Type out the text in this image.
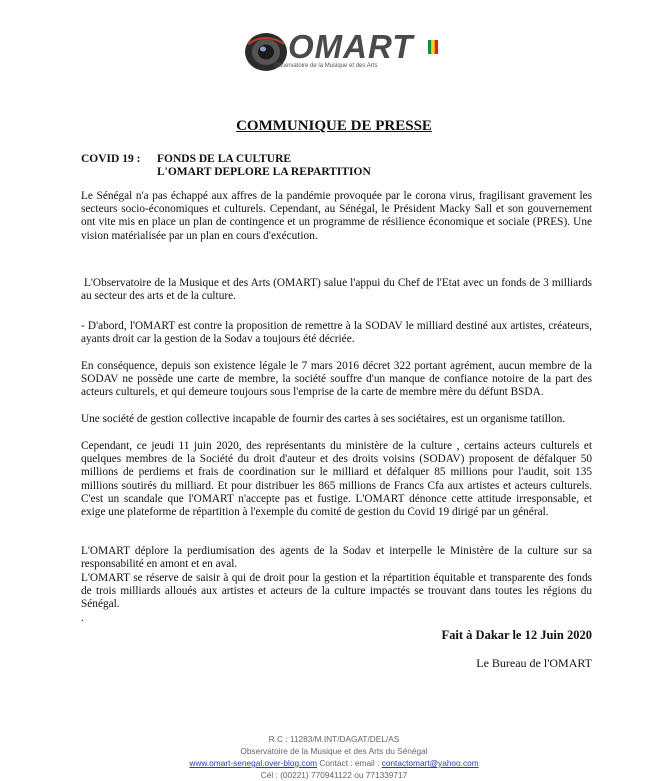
OMART
Observatoire de la Musique et des Arts
COMMUNIQUE DE PRESSE
COVID 19 : FONDS DE LA CULTURE
L'OMART DEPLORE LA REPARTITION

Le Sénégal n'a pas échappé aux affres de la pandémie provoquée par le corona virus, fragilisant gravement les secteurs socio-économiques et culturels. Cependant, au Sénégal, le Président Macky Sall et son gouvernement ont vite mis en place un plan de contingence et un programme de résilience économique et sociale (PRES). Une vision matérialisée par un plan en cours d'exécution.

L'Observatoire de la Musique et des Arts (OMART) salue l'appui du Chef de l'Etat avec un fonds de 3 milliards au secteur des arts et de la culture.

- D'abord, l'OMART est contre la proposition de remettre à la SODAV le milliard destiné aux artistes, créateurs, ayants droit car la gestion de la Sodav a toujours été décriée.

En conséquence, depuis son existence légale le 7 mars 2016 décret 322 portant agrément, aucun membre de la SODAV ne possède une carte de membre, la société souffre d'un manque de confiance notoire de la part des acteurs culturels, et qui demeure toujours sous l'emprise de la carte de membre mère du défunt BSDA.

Une société de gestion collective incapable de fournir des cartes à ses sociétaires, est un organisme tatillon.

Cependant, ce jeudi 11 juin 2020, des représentants du ministère de la culture , certains acteurs culturels et quelques membres de la Société du droit d'auteur et des droits voisins (SODAV) proposent de défalquer 50 millions de perdiems et frais de coordination sur le milliard et défalquer 85 millions pour l'audit, soit 135 millions soutirés du milliard. Et pour distribuer les 865 millions de Francs Cfa aux artistes et acteurs culturels. C'est un scandale que l'OMART n'accepte pas et fustige. L'OMART dénonce cette attitude irresponsable, et exige une plateforme de répartition à l'exemple du comité de gestion du Covid 19 dirigé par un général.

L'OMART déplore la perdiumisation des agents de la Sodav et interpelle le Ministère de la culture sur sa responsabilité en amont et en aval.

L'OMART se réserve de saisir à qui de droit pour la gestion et la répartition équitable et transparente des fonds de trois milliards alloués aux artistes et acteurs de la culture impactés se trouvant dans toutes les régions du Sénégal.

.

Fait à Dakar le 12 Juin 2020
Le Bureau de l'OMART
R.C : 11283/M.INT/DAGAT/DEL/AS
Observatoire de la Musique et des Arts du Sénégal
www.omart-senegal.over-blog.com Contact : email : contactomart@yahoo.com
Cél : (00221) 770941122 ou 771339717
